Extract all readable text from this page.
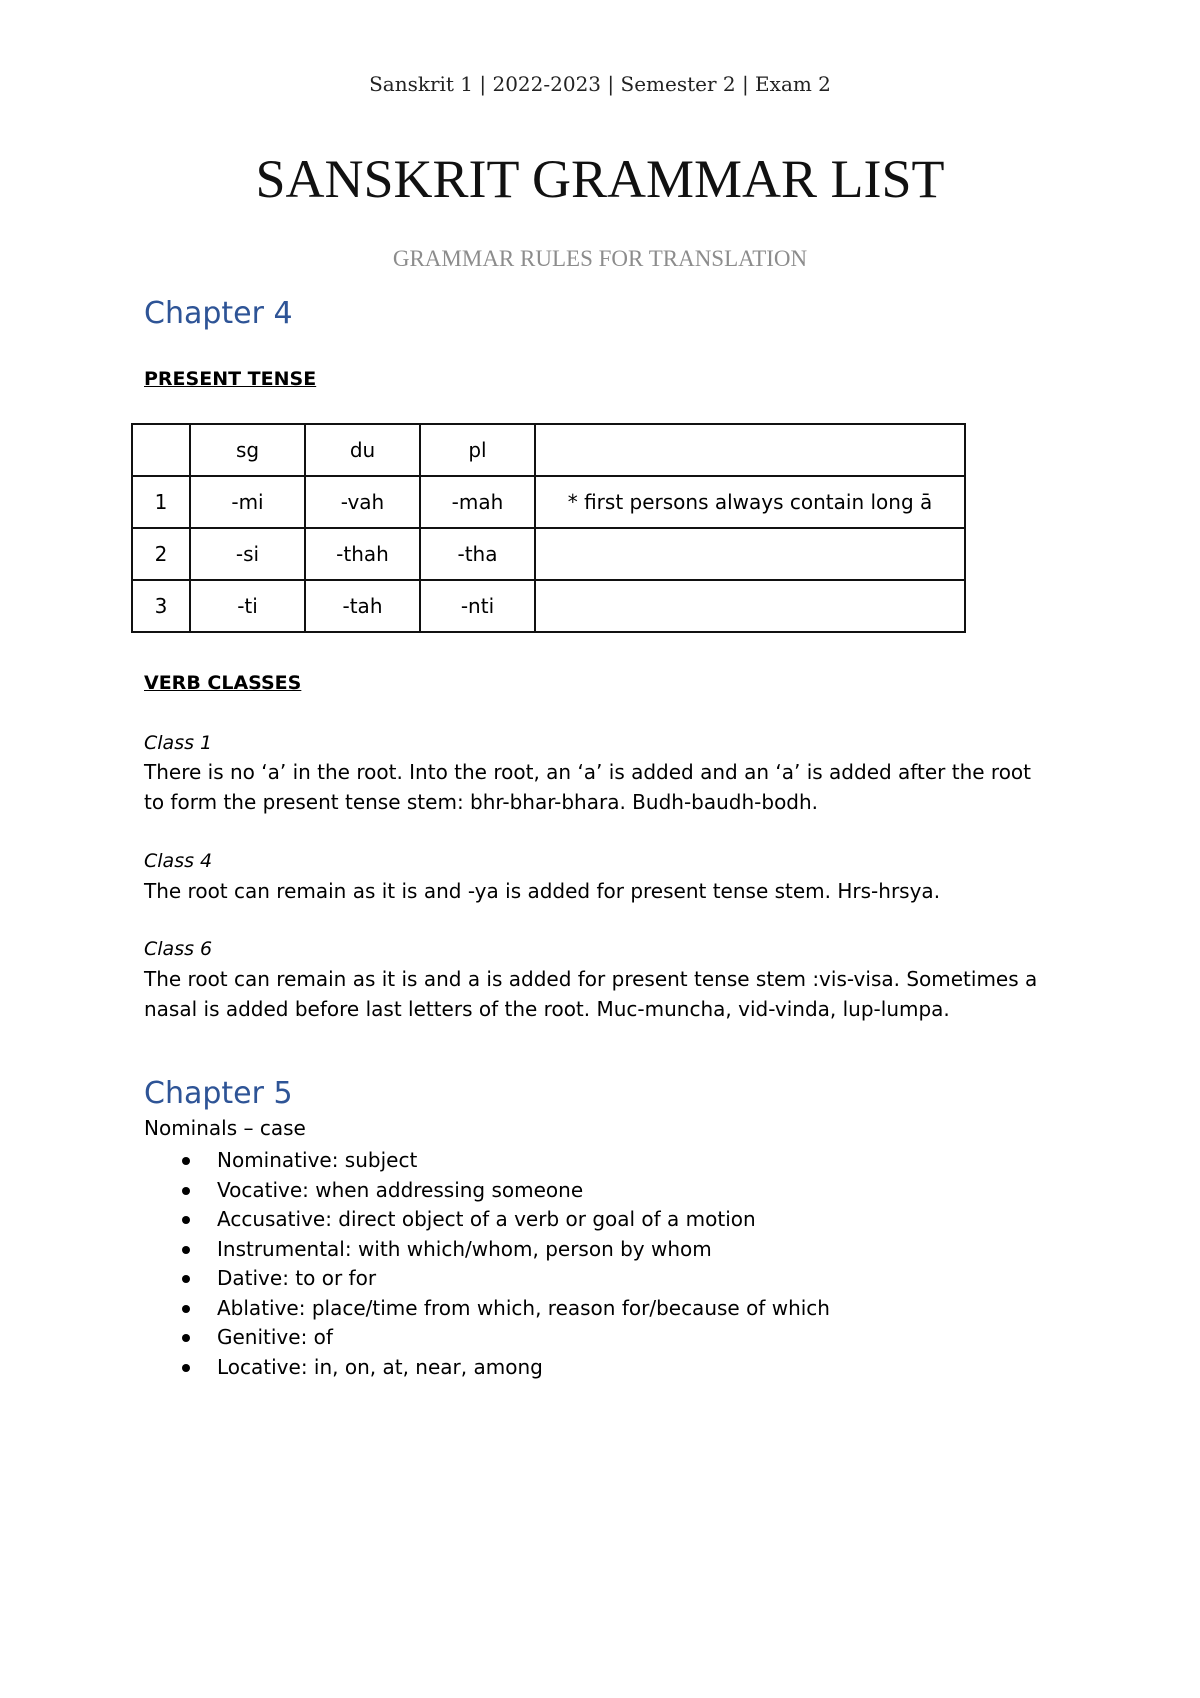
Sanskrit 1 | 2022-2023 | Semester 2 | Exam 2
SANSKRIT GRAMMAR LIST
GRAMMAR RULES FOR TRANSLATION
Chapter 4
PRESENT TENSE
	sg	du	pl	
1	-mi	-vah	-mah	* first persons always contain long ā
2	-si	-thah	-tha	
3	-ti	-tah	-nti	
VERB CLASSES
Class 1
There is no ‘a’ in the root. Into the root, an ‘a’ is added and an ‘a’ is added after the root to form the present tense stem: bhr-bhar-bhara. Budh-baudh-bodh.
Class 4
The root can remain as it is and -ya is added for present tense stem. Hrs-hrsya.
Class 6
The root can remain as it is and a is added for present tense stem :vis-visa. Sometimes a nasal is added before last letters of the root. Muc-muncha, vid-vinda, lup-lumpa.
Chapter 5
Nominals – case
Nominative: subject
Vocative: when addressing someone
Accusative: direct object of a verb or goal of a motion
Instrumental: with which/whom, person by whom
Dative: to or for
Ablative: place/time from which, reason for/because of which
Genitive: of
Locative: in, on, at, near, among
